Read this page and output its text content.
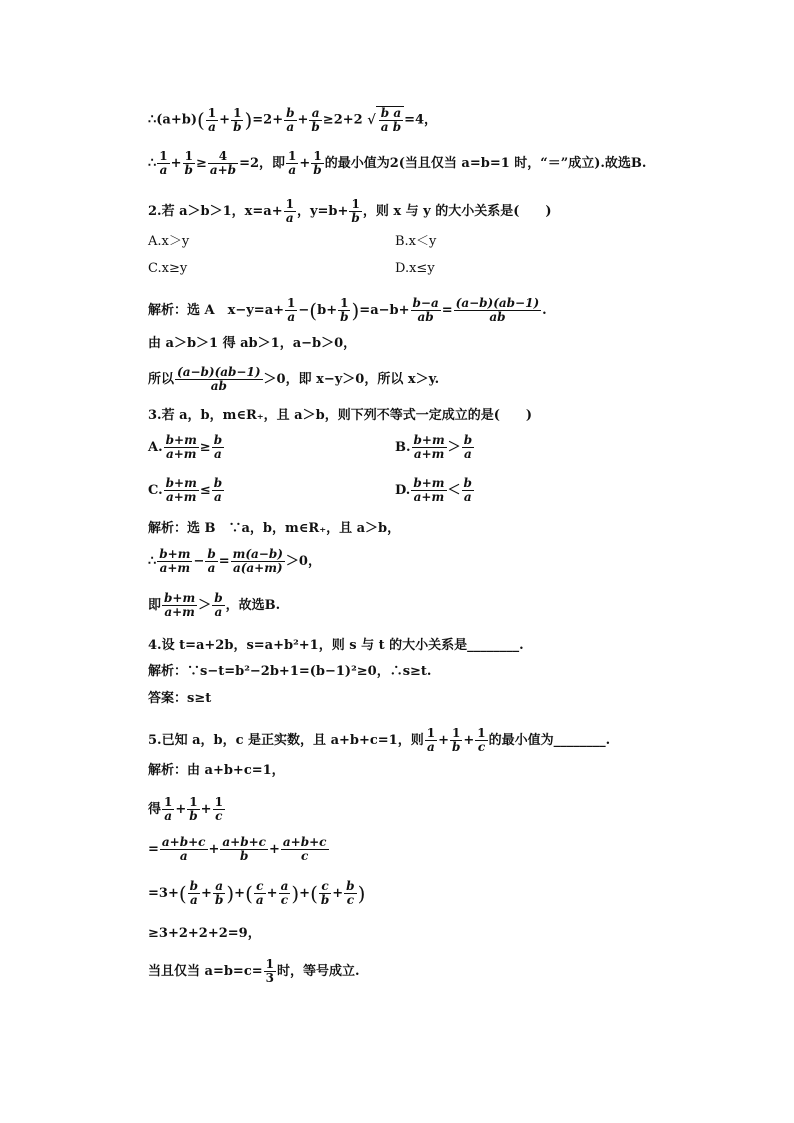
∴(a+b)( $\frac{1}{a} + \frac{1}{b} )=2+ \frac{b}{a} + \frac{a}{b} \ge 2+2$ √ $\frac{\text{b a}}{\text{a b}} =4$，
∴ $\frac{1}{a} + \frac{1}{b} \ge \frac{4}{a+b} =2$，即 $\frac{1}{a} + \frac{1}{b}$ 的最小值为2(当且仅当 a=b=1 时，“＝”成立).故选B.
2.若 a＞b＞1，$x=a+ \frac{1}{a}$ ，$y=b+ \frac{1}{b}$ ，则 x 与 y 的大小关系是(　　)
A.x＞y	B.x＜y
C.x≥y	D.x≤y
解析：选 A　$x-y=a+ \frac{1}{a} -(b+ \frac{1}{b} )=a-b+ \frac{b-a}{ab} = \frac{(a-b)(ab-1)}{ab}$ .
由 a＞b＞1 得 ab＞1，a−b＞0，
所以 $\frac{(a-b)(ab-1)}{ab} >0$，即 x−y＞0，所以 x＞y.
3.若 a，b，m∈R₊，且 a＞b，则下列不等式一定成立的是(　　)
A. $\frac{b+m}{a+m} \ge \frac{b}{a}$	B. $\frac{b+m}{a+m} > \frac{b}{a}$
C. $\frac{b+m}{a+m} \le \frac{b}{a}$	D. $\frac{b+m}{a+m} < \frac{b}{a}$
解析：选 B　∵a，b，m∈R₊，且 a＞b，
∴ $\frac{b+m}{a+m} - \frac{b}{a} = \frac{m(a-b)}{a(a+m)} >0$，
即 $\frac{b+m}{a+m} > \frac{b}{a}$ ，故选B.
4.设 t=a+2b，s=a+b²+1，则 s 与 t 的大小关系是________.
解析：∵s−t=b²−2b+1=(b−1)²≥0，∴s≥t.
答案：s≥t
5.已知 a，b，c 是正实数，且 a+b+c=1，则 $\frac{1}{a} + \frac{1}{b} + \frac{1}{c}$ 的最小值为________.
解析：由 a+b+c=1，
得 $\frac{1}{a} + \frac{1}{b} + \frac{1}{c}$
= $\frac{a+b+c}{a} + \frac{a+b+c}{b} + \frac{a+b+c}{c}$
$=3+( \frac{b}{a} + \frac{a}{b}$ )+( $\frac{c}{a} + \frac{a}{c}$ )+( $\frac{c}{b} + \frac{b}{c}$ )
≥3+2+2+2=9，
当且仅当 $a=b=c= \frac{1}{3}$ 时，等号成立.
